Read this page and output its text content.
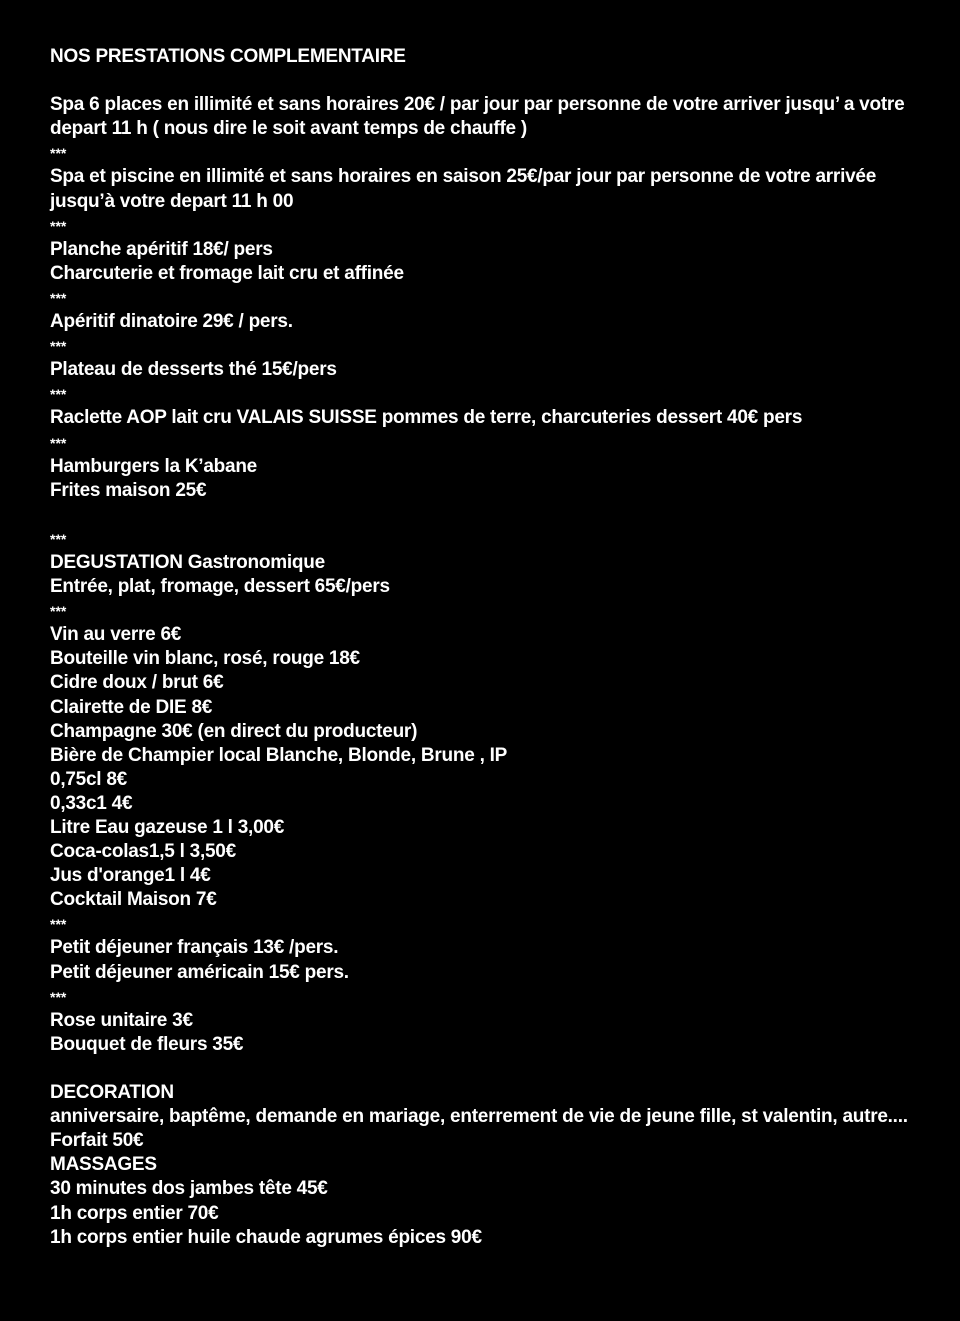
NOS PRESTATIONS COMPLEMENTAIRE
Spa 6 places en illimité et sans horaires 20€ / par jour par personne de votre arriver jusqu’ a votre depart 11 h ( nous dire le soit avant temps de chauffe )
***
Spa et piscine en illimité et sans horaires en saison 25€/par jour par personne de votre arrivée jusqu’à votre depart 11 h 00
***
Planche apéritif 18€/ pers
Charcuterie et fromage lait cru et affinée
***
Apéritif dinatoire 29€ / pers.
***
Plateau de desserts thé 15€/pers
***
Raclette AOP lait cru VALAIS SUISSE pommes de terre, charcuteries dessert 40€ pers
***
Hamburgers la K’abane
Frites maison 25€
***
DEGUSTATION Gastronomique
Entrée, plat, fromage, dessert 65€/pers
***
Vin au verre 6€
Bouteille vin blanc, rosé, rouge 18€
Cidre doux / brut 6€
Clairette de DIE 8€
Champagne 30€ (en direct du producteur)
Bière de Champier local Blanche, Blonde, Brune , IP
0,75cl 8€
0,33c1 4€
Litre Eau gazeuse 1 l 3,00€
Coca-colas1,5 l 3,50€
Jus d'orange1 l 4€
Cocktail Maison 7€
***
Petit déjeuner français 13€ /pers.
Petit déjeuner américain 15€ pers.
***
Rose unitaire 3€
Bouquet de fleurs 35€
DECORATION
anniversaire, baptême, demande en mariage, enterrement de vie de jeune fille, st valentin, autre.... Forfait 50€
MASSAGES
30 minutes dos jambes tête 45€
1h corps entier 70€
1h corps entier huile chaude agrumes épices 90€
